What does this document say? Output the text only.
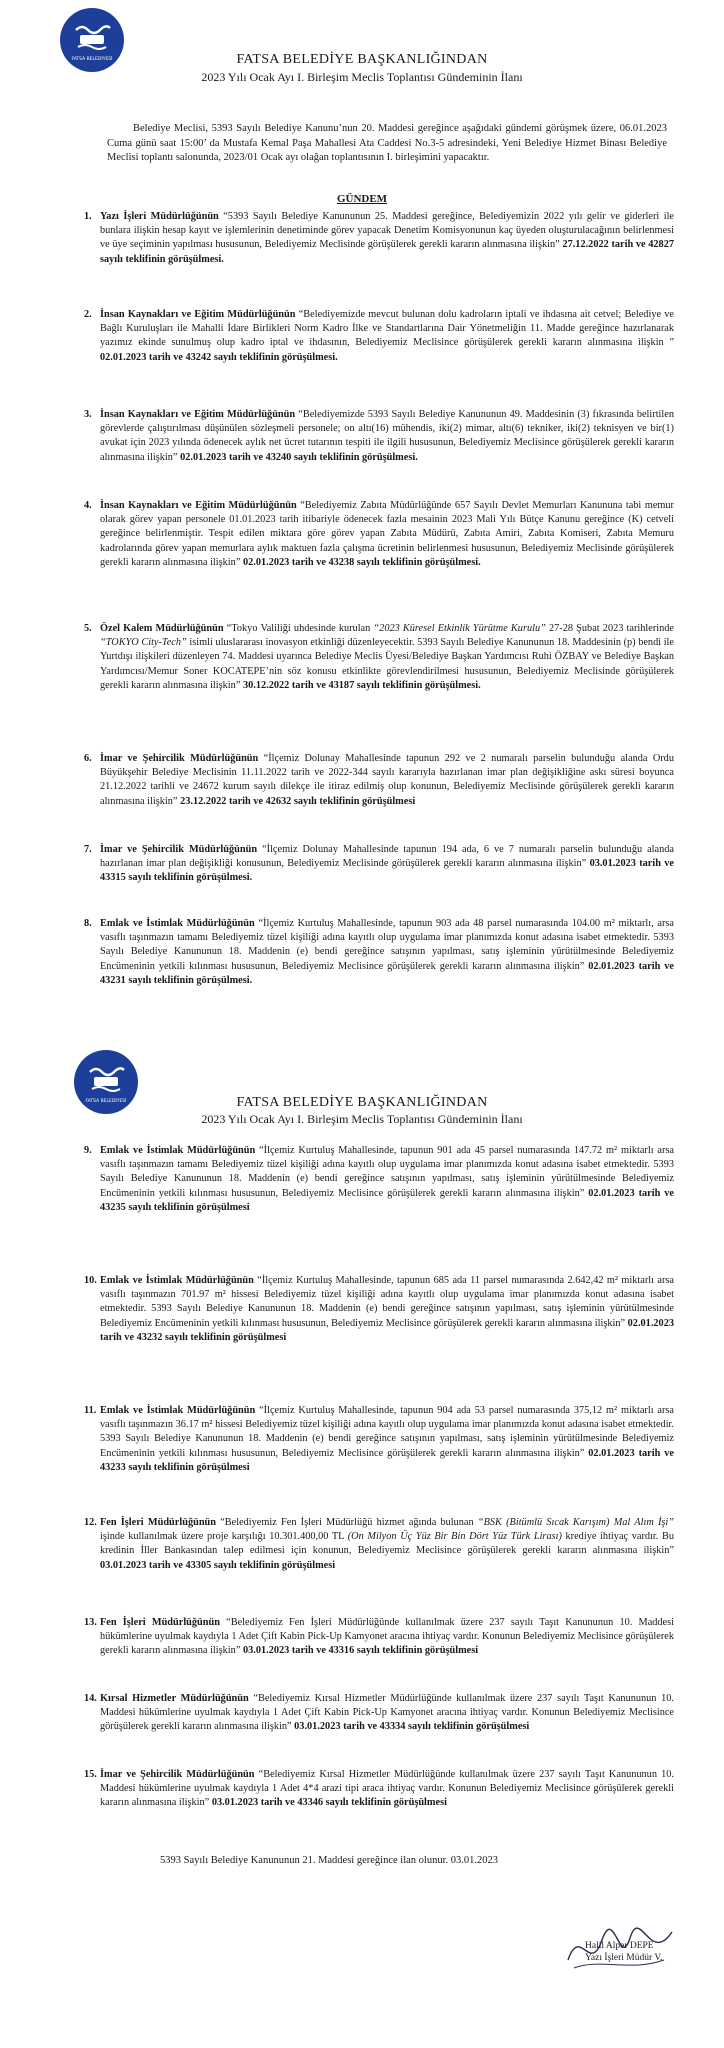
FATSA BELEDİYESİ	FATSA BELEDİYE BAŞKANLIĞINDAN
2023 Yılı Ocak Ayı I. Birleşim Meclis Toplantısı Gündeminin İlanı
Belediye Meclisi, 5393 Sayılı Belediye Kanunu’nun 20. Maddesi gereğince aşağıdaki gündemi görüşmek üzere, 06.01.2023 Cuma günü saat 15:00’ da Mustafa Kemal Paşa Mahallesi Ata Caddesi No.3-5 adresindeki, Yeni Belediye Hizmet Binası Belediye Meclisi toplantı salonunda, 2023/01 Ocak ayı olağan toplantısının I. birleşimini yapacaktır.
GÜNDEM
1. Yazı İşleri Müdürlüğünün “5393 Sayılı Belediye Kanununun 25. Maddesi gereğince, Belediyemizin 2022 yılı gelir ve giderleri ile bunlara ilişkin hesap kayıt ve işlemlerinin denetiminde görev yapacak Denetim Komisyonunun kaç üyeden oluşturulacağının belirlenmesi ve üye seçiminin yapılması hususunun, Belediyemiz Meclisinde görüşülerek gerekli kararın alınmasına ilişkin” 27.12.2022 tarih ve 42827 sayılı teklifinin görüşülmesi.
2. İnsan Kaynakları ve Eğitim Müdürlüğünün “Belediyemizde mevcut bulunan dolu kadroların iptali ve ihdasına ait cetvel; Belediye ve Bağlı Kuruluşları ile Mahalli İdare Birlikleri Norm Kadro İlke ve Standartlarına Dair Yönetmeliğin 11. Madde gereğince hazırlanarak yazımız ekinde sunulmuş olup kadro iptal ve ihdasının, Belediyemiz Meclisince görüşülerek gerekli kararın alınmasına ilişkin ” 02.01.2023 tarih ve 43242 sayılı teklifinin görüşülmesi.
3. İnsan Kaynakları ve Eğitim Müdürlüğünün “Belediyemizde 5393 Sayılı Belediye Kanununun 49. Maddesinin (3) fıkrasında belirtilen görevlerde çalıştırılması düşünülen sözleşmeli personele; on altı(16) mühendis, iki(2) mimar, altı(6) tekniker, iki(2) teknisyen ve bir(1) avukat için 2023 yılında ödenecek aylık net ücret tutarının tespiti ile ilgili hususunun, Belediyemiz Meclisince görüşülerek gerekli kararın alınmasına ilişkin” 02.01.2023 tarih ve 43240 sayılı teklifinin görüşülmesi.
4. İnsan Kaynakları ve Eğitim Müdürlüğünün “Belediyemiz Zabıta Müdürlüğünde 657 Sayılı Devlet Memurları Kanununa tabi memur olarak görev yapan personele 01.01.2023 tarih itibariyle ödenecek fazla mesainin 2023 Mali Yılı Bütçe Kanunu gereğince (K) cetveli gereğince belirlenmiştir. Tespit edilen miktara göre görev yapan Zabıta Müdürü, Zabıta Amiri, Zabıta Komiseri, Zabıta Memuru kadrolarında görev yapan memurlara aylık maktuen fazla çalışma ücretinin belirlenmesi hususunun, Belediyemiz Meclisinde görüşülerek gerekli kararın alınmasına ilişkin” 02.01.2023 tarih ve 43238 sayılı teklifinin görüşülmesi.
5. Özel Kalem Müdürlüğünün “Tokyo Valiliği uhdesinde kurulan “2023 Küresel Etkinlik Yürütme Kurulu” 27-28 Şubat 2023 tarihlerinde “TOKYO City-Tech” isimli uluslararası inovasyon etkinliği düzenleyecektir. 5393 Sayılı Belediye Kanununun 18. Maddesinin (p) bendi ile Yurtdışı ilişkileri düzenleyen 74. Maddesi uyarınca Belediye Meclis Üyesi/Belediye Başkan Yardımcısı Ruhi ÖZBAY ve Belediye Başkan Yardımcısı/Memur Soner KOCATEPE’nin söz konusu etkinlikte görevlendirilmesi hususunun, Belediyemiz Meclisinde görüşülerek gerekli kararın alınmasına ilişkin” 30.12.2022 tarih ve 43187 sayılı teklifinin görüşülmesi.
6. İmar ve Şehircilik Müdürlüğünün “İlçemiz Dolunay Mahallesinde tapunun 292 ve 2 numaralı parselin bulunduğu alanda Ordu Büyükşehir Belediye Meclisinin 11.11.2022 tarih ve 2022-344 sayılı kararıyla hazırlanan imar plan değişikliğine askı süresi boyunca 21.12.2022 tarihli ve 24672 kurum sayılı dilekçe ile itiraz edilmiş olup konunun, Belediyemiz Meclisinde görüşülerek gerekli kararın alınmasına ilişkin” 23.12.2022 tarih ve 42632 sayılı teklifinin görüşülmesi
7. İmar ve Şehircilik Müdürlüğünün “İlçemiz Dolunay Mahallesinde tapunun 194 ada, 6 ve 7 numaralı parselin bulunduğu alanda hazırlanan imar plan değişikliği konusunun, Belediyemiz Meclisinde görüşülerek gerekli kararın alınmasına ilişkin” 03.01.2023 tarih ve 43315 sayılı teklifinin görüşülmesi.
8. Emlak ve İstimlak Müdürlüğünün “İlçemiz Kurtuluş Mahallesinde, tapunun 903 ada 48 parsel numarasında 104.00 m² miktarlı, arsa vasıflı taşınmazın tamamı Belediyemiz tüzel kişiliği adına kayıtlı olup uygulama imar planımızda konut adasına isabet etmektedir. 5393 Sayılı Belediye Kanununun 18. Maddenin (e) bendi gereğince satışının yapılması, satış işleminin yürütülmesinde Belediyemiz Encümeninin yetkili kılınması hususunun, Belediyemiz Meclisince görüşülerek gerekli kararın alınmasına ilişkin” 02.01.2023 tarih ve 43231 sayılı teklifinin görüşülmesi.
FATSA BELEDİYESİ	FATSA BELEDİYE BAŞKANLIĞINDAN
2023 Yılı Ocak Ayı I. Birleşim Meclis Toplantısı Gündeminin İlanı
9. Emlak ve İstimlak Müdürlüğünün “İlçemiz Kurtuluş Mahallesinde, tapunun 901 ada 45 parsel numarasında 147.72 m² miktarlı arsa vasıflı taşınmazın tamamı Belediyemiz tüzel kişiliği adına kayıtlı olup uygulama imar planımızda konut adasına isabet etmektedir. 5393 Sayılı Belediye Kanununun 18. Maddenin (e) bendi gereğince satışının yapılması, satış işleminin yürütülmesinde Belediyemiz Encümeninin yetkili kılınması hususunun, Belediyemiz Meclisince görüşülerek gerekli kararın alınmasına ilişkin” 02.01.2023 tarih ve 43235 sayılı teklifinin görüşülmesi
10. Emlak ve İstimlak Müdürlüğünün “İlçemiz Kurtuluş Mahallesinde, tapunun 685 ada 11 parsel numarasında 2.642,42 m² miktarlı arsa vasıflı taşınmazın 701.97 m² hissesi Belediyemiz tüzel kişiliği adına kayıtlı olup uygulama imar planımızda konut adasına isabet etmektedir. 5393 Sayılı Belediye Kanununun 18. Maddenin (e) bendi gereğince satışının yapılması, satış işleminin yürütülmesinde Belediyemiz Encümeninin yetkili kılınması hususunun, Belediyemiz Meclisince görüşülerek gerekli kararın alınmasına ilişkin” 02.01.2023 tarih ve 43232 sayılı teklifinin görüşülmesi
11. Emlak ve İstimlak Müdürlüğünün “İlçemiz Kurtuluş Mahallesinde, tapunun 904 ada 53 parsel numarasında 375,12 m² miktarlı arsa vasıflı taşınmazın 36.17 m² hissesi Belediyemiz tüzel kişiliği adına kayıtlı olup uygulama imar planımızda konut adasına isabet etmektedir. 5393 Sayılı Belediye Kanununun 18. Maddenin (e) bendi gereğince satışının yapılması, satış işleminin yürütülmesinde Belediyemiz Encümeninin yetkili kılınması hususunun, Belediyemiz Meclisince görüşülerek gerekli kararın alınmasına ilişkin” 02.01.2023 tarih ve 43233 sayılı teklifinin görüşülmesi
12. Fen İşleri Müdürlüğünün “Belediyemiz Fen İşleri Müdürlüğü hizmet ağında bulunan “BSK (Bitümlü Sıcak Karışım) Mal Alım İşi” işinde kullanılmak üzere proje karşılığı 10.301.400,00 TL (On Milyon Üç Yüz Bir Bin Dört Yüz Türk Lirası) krediye ihtiyaç vardır. Bu kredinin İller Bankasından talep edilmesi için konunun, Belediyemiz Meclisince görüşülerek gerekli kararın alınmasına ilişkin” 03.01.2023 tarih ve 43305 sayılı teklifinin görüşülmesi
13. Fen İşleri Müdürlüğünün “Belediyemiz Fen İşleri Müdürlüğünde kullanılmak üzere 237 sayılı Taşıt Kanununun 10. Maddesi hükümlerine uyulmak kaydıyla 1 Adet Çift Kabin Pick-Up Kamyonet aracına ihtiyaç vardır. Konunun Belediyemiz Meclisince görüşülerek gerekli kararın alınmasına ilişkin” 03.01.2023 tarih ve 43316 sayılı teklifinin görüşülmesi
14. Kırsal Hizmetler Müdürlüğünün “Belediyemiz Kırsal Hizmetler Müdürlüğünde kullanılmak üzere 237 sayılı Taşıt Kanununun 10. Maddesi hükümlerine uyulmak kaydıyla 1 Adet Çift Kabin Pick-Up Kamyonet aracına ihtiyaç vardır. Konunun Belediyemiz Meclisince görüşülerek gerekli kararın alınmasına ilişkin” 03.01.2023 tarih ve 43334 sayılı teklifinin görüşülmesi
15. İmar ve Şehircilik Müdürlüğünün “Belediyemiz Kırsal Hizmetler Müdürlüğünde kullanılmak üzere 237 sayılı Taşıt Kanununun 10. Maddesi hükümlerine uyulmak kaydıyla 1 Adet 4*4 arazi tipi araca ihtiyaç vardır. Konunun Belediyemiz Meclisince görüşülerek gerekli kararın alınmasına ilişkin” 03.01.2023 tarih ve 43346 sayılı teklifinin görüşülmesi
5393 Sayılı Belediye Kanununun 21. Maddesi gereğince ilan olunur. 03.01.2023
Halil Alper DEPE
Yazı İşleri Müdür V.
